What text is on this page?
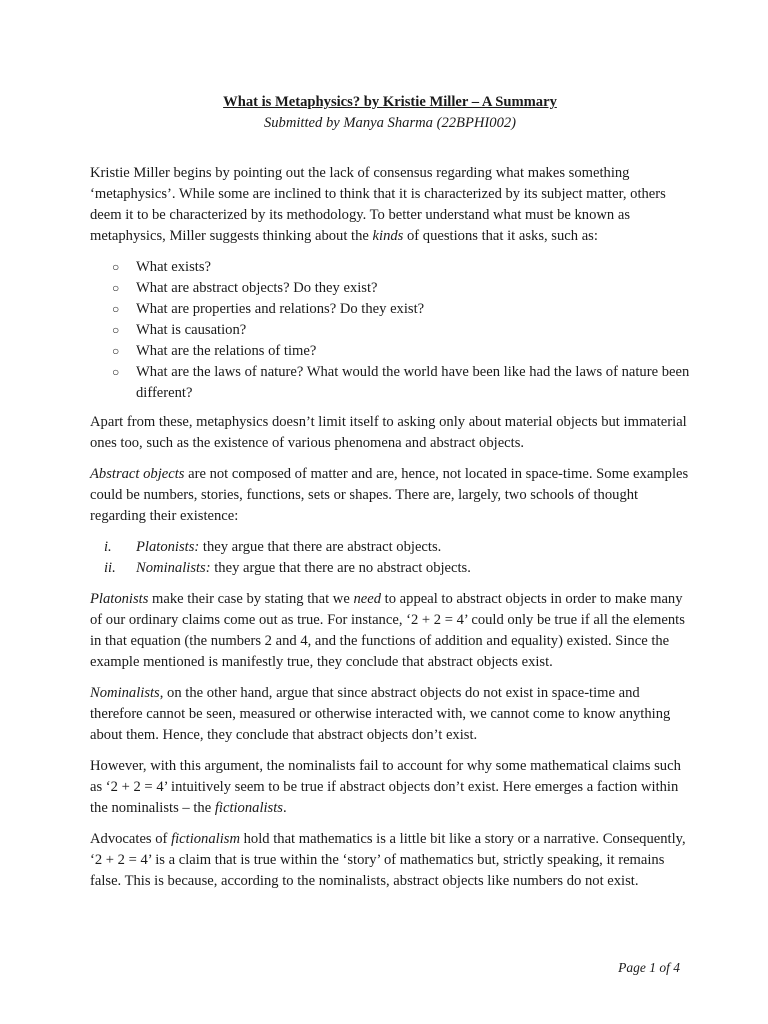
What is Metaphysics? by Kristie Miller – A Summary

Submitted by Manya Sharma (22BPHI002)

Kristie Miller begins by pointing out the lack of consensus regarding what makes something ‘metaphysics’. While some are inclined to think that it is characterized by its subject matter, others deem it to be characterized by its methodology. To better understand what must be known as metaphysics, Miller suggests thinking about the kinds of questions that it asks, such as:

○ What exists?
○ What are abstract objects? Do they exist?
○ What are properties and relations? Do they exist?
○ What is causation?
○ What are the relations of time?
○ What are the laws of nature? What would the world have been like had the laws of nature been different?

Apart from these, metaphysics doesn’t limit itself to asking only about material objects but immaterial ones too, such as the existence of various phenomena and abstract objects.

Abstract objects are not composed of matter and are, hence, not located in space-time. Some examples could be numbers, stories, functions, sets or shapes. There are, largely, two schools of thought regarding their existence:

i. Platonists: they argue that there are abstract objects.
ii. Nominalists: they argue that there are no abstract objects.

Platonists make their case by stating that we need to appeal to abstract objects in order to make many of our ordinary claims come out as true. For instance, ‘2 + 2 = 4’ could only be true if all the elements in that equation (the numbers 2 and 4, and the functions of addition and equality) existed. Since the example mentioned is manifestly true, they conclude that abstract objects exist.

Nominalists, on the other hand, argue that since abstract objects do not exist in space-time and therefore cannot be seen, measured or otherwise interacted with, we cannot come to know anything about them. Hence, they conclude that abstract objects don’t exist.

However, with this argument, the nominalists fail to account for why some mathematical claims such as ‘2 + 2 = 4’ intuitively seem to be true if abstract objects don’t exist. Here emerges a faction within the nominalists – the fictionalists.

Advocates of fictionalism hold that mathematics is a little bit like a story or a narrative. Consequently, ‘2 + 2 = 4’ is a claim that is true within the ‘story’ of mathematics but, strictly speaking, it remains false. This is because, according to the nominalists, abstract objects like numbers do not exist.

Page 1 of 4
